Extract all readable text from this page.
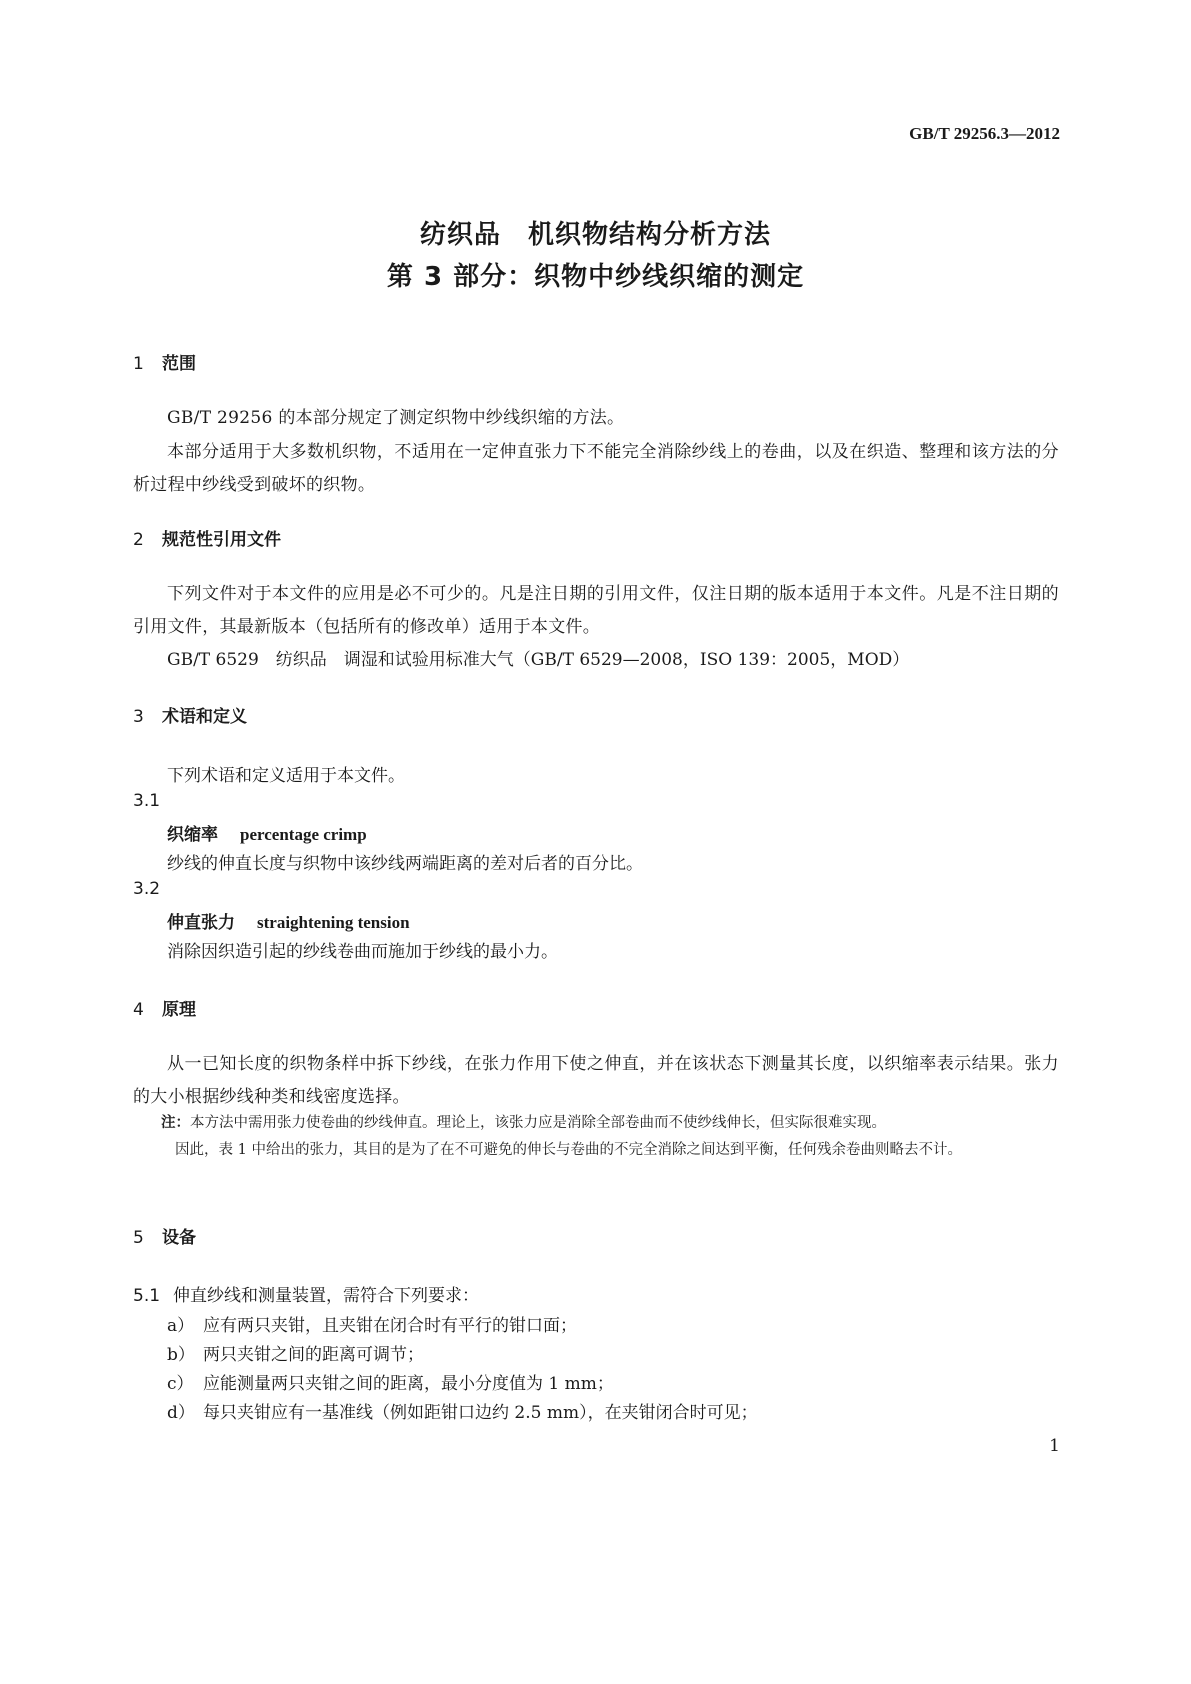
GB/T 29256.3—2012
纺织品　机织物结构分析方法
第 3 部分：织物中纱线织缩的测定
1 范围
GB/T 29256 的本部分规定了测定织物中纱线织缩的方法。
本部分适用于大多数机织物，不适用在一定伸直张力下不能完全消除纱线上的卷曲，以及在织造、整理和该方法的分析过程中纱线受到破坏的织物。
2 规范性引用文件
下列文件对于本文件的应用是必不可少的。凡是注日期的引用文件，仅注日期的版本适用于本文件。凡是不注日期的引用文件，其最新版本（包括所有的修改单）适用于本文件。
GB/T 6529　纺织品　调湿和试验用标准大气（GB/T 6529—2008，ISO 139：2005，MOD）
3 术语和定义
下列术语和定义适用于本文件。
3.1
织缩率 percentage crimp
纱线的伸直长度与织物中该纱线两端距离的差对后者的百分比。
3.2
伸直张力 straightening tension
消除因织造引起的纱线卷曲而施加于纱线的最小力。
4 原理
从一已知长度的织物条样中拆下纱线，在张力作用下使之伸直，并在该状态下测量其长度，以织缩率表示结果。张力的大小根据纱线种类和线密度选择。
注：本方法中需用张力使卷曲的纱线伸直。理论上，该张力应是消除全部卷曲而不使纱线伸长，但实际很难实现。
因此，表 1 中给出的张力，其目的是为了在不可避免的伸长与卷曲的不完全消除之间达到平衡，任何残余卷曲则略去不计。
5 设备
5.1 伸直纱线和测量装置，需符合下列要求：
a） 应有两只夹钳，且夹钳在闭合时有平行的钳口面；
b） 两只夹钳之间的距离可调节；
c） 应能测量两只夹钳之间的距离，最小分度值为 1 mm；
d） 每只夹钳应有一基准线（例如距钳口边约 2.5 mm），在夹钳闭合时可见；
1
